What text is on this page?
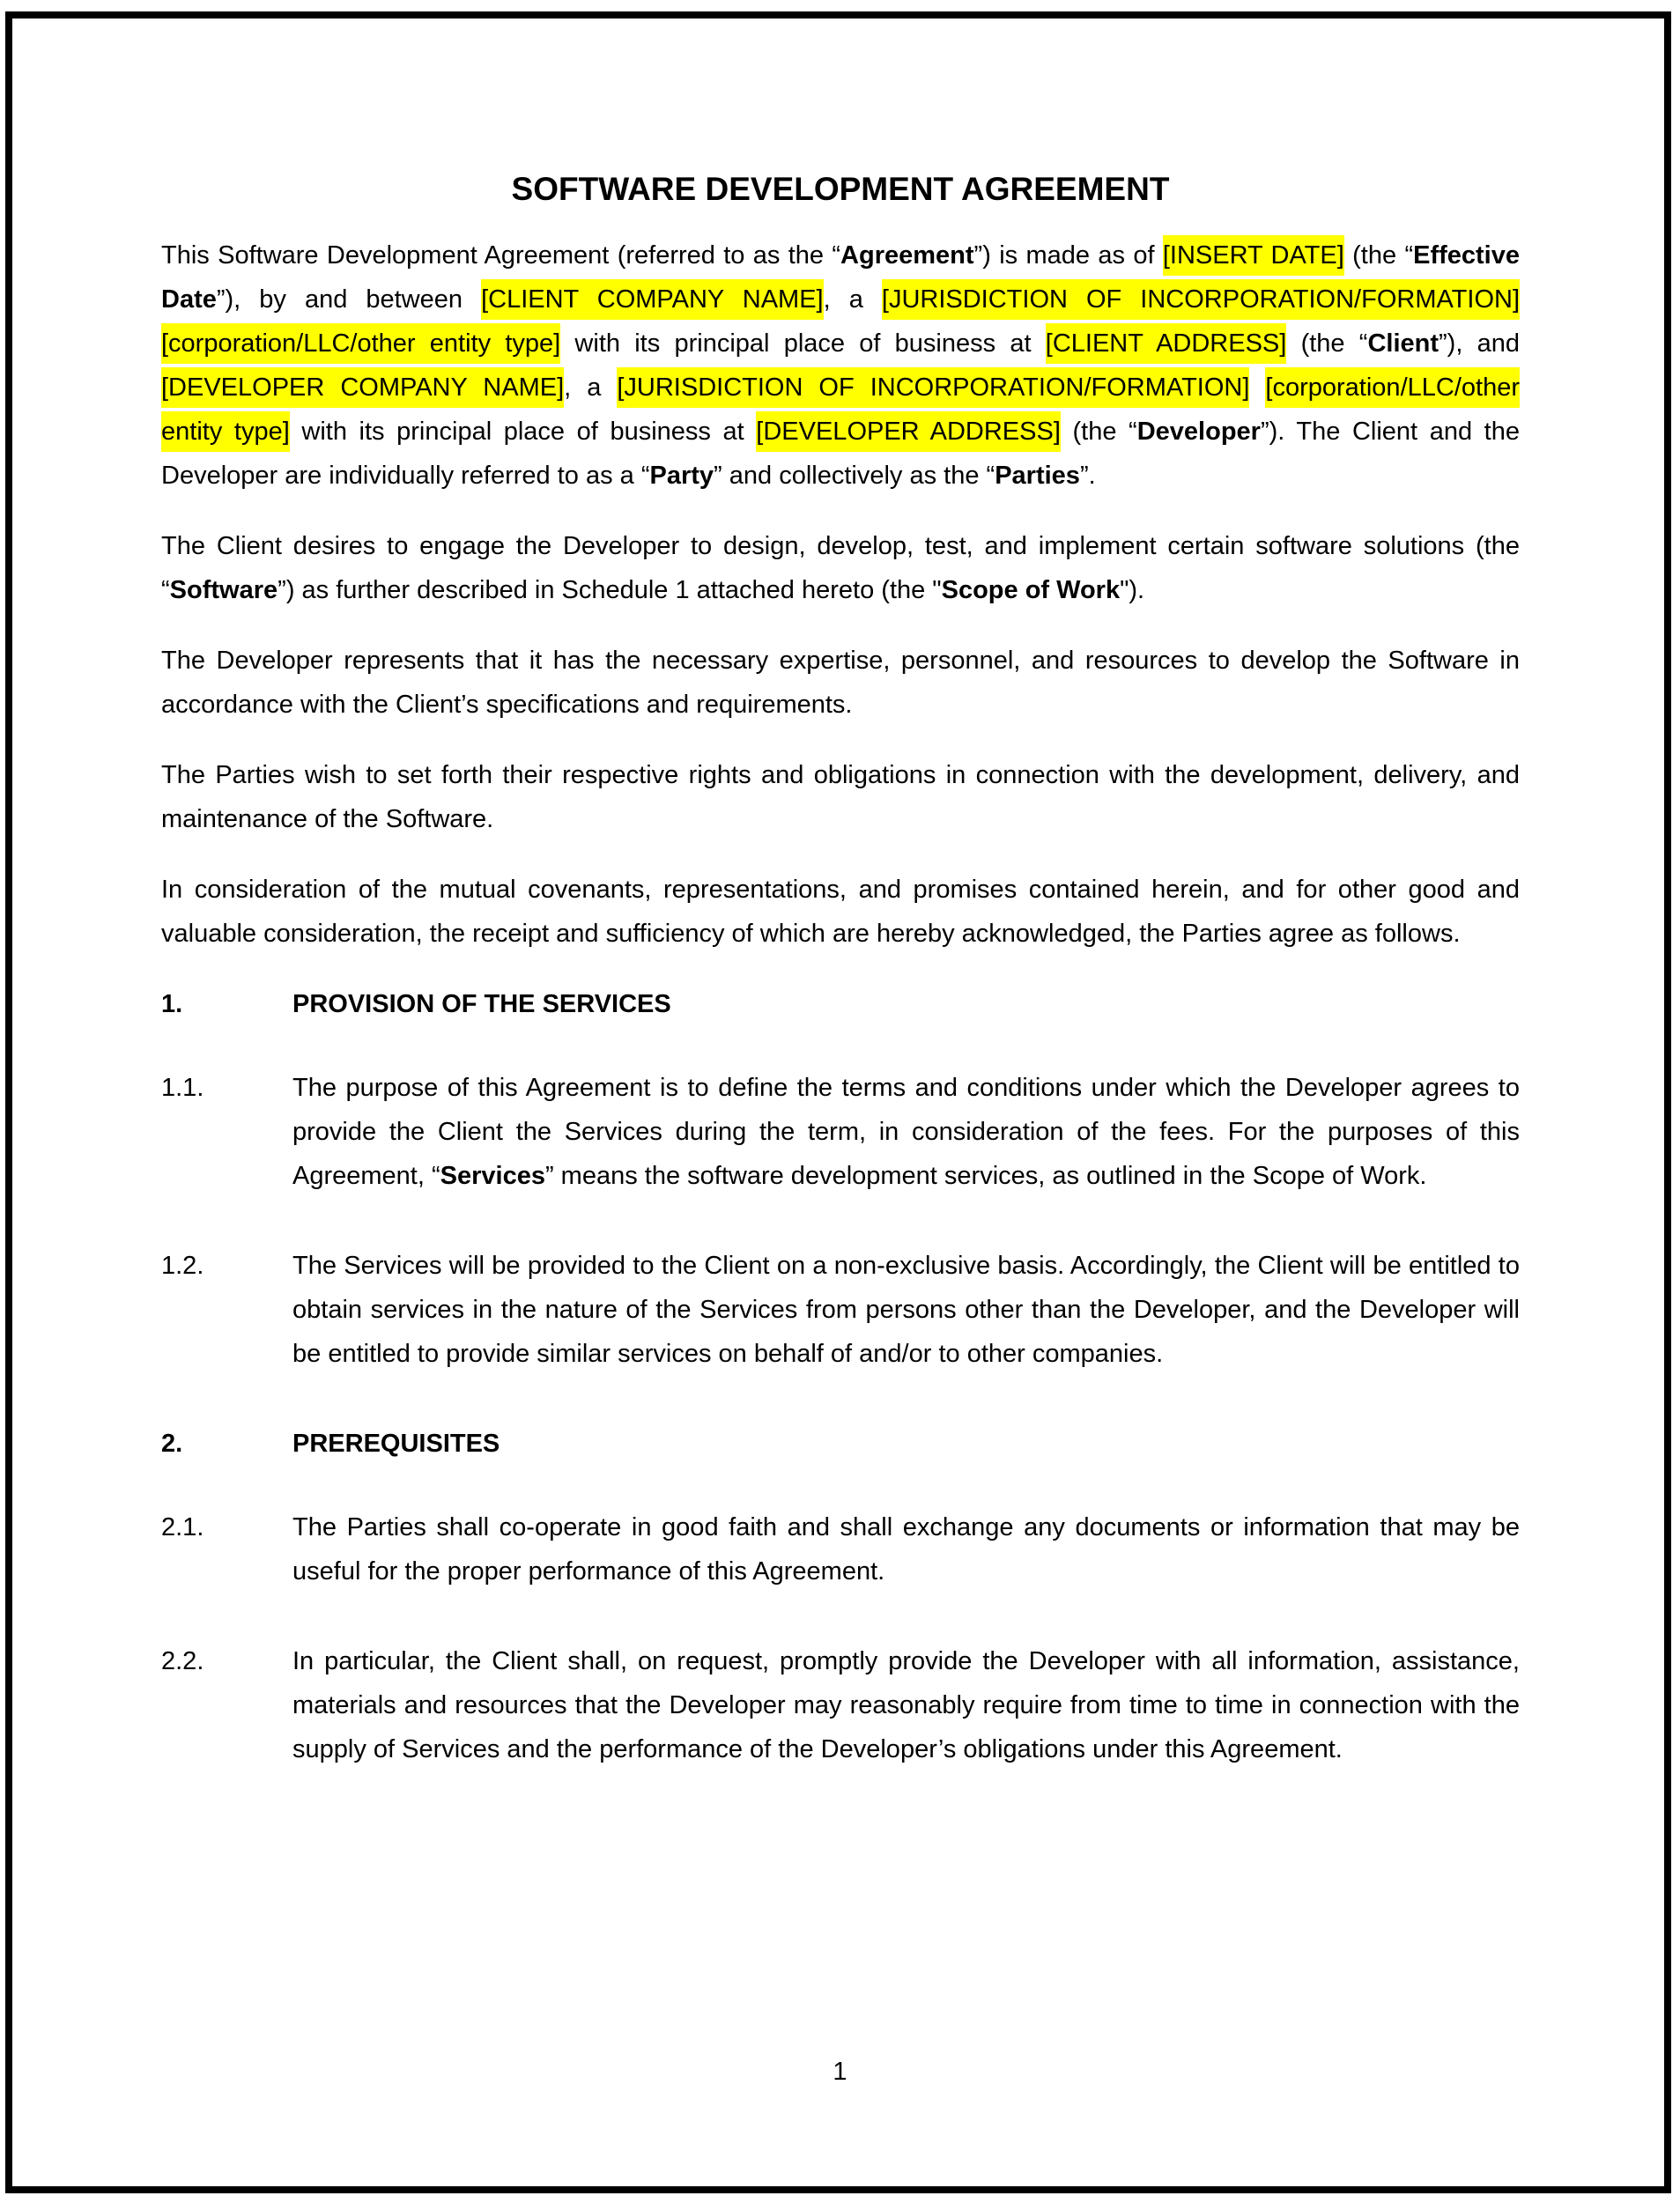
SOFTWARE DEVELOPMENT AGREEMENT

This Software Development Agreement (referred to as the “Agreement”) is made as of [INSERT DATE] (the “Effective Date”), by and between [CLIENT COMPANY NAME], a [JURISDICTION OF INCORPORATION/FORMATION] [corporation/LLC/other entity type] with its principal place of business at [CLIENT ADDRESS] (the “Client”), and [DEVELOPER COMPANY NAME], a [JURISDICTION OF INCORPORATION/FORMATION] [corporation/LLC/other entity type] with its principal place of business at [DEVELOPER ADDRESS] (the “Developer”). The Client and the Developer are individually referred to as a “Party” and collectively as the “Parties”.

The Client desires to engage the Developer to design, develop, test, and implement certain software solutions (the “Software”) as further described in Schedule 1 attached hereto (the "Scope of Work").

The Developer represents that it has the necessary expertise, personnel, and resources to develop the Software in accordance with the Client’s specifications and requirements.

The Parties wish to set forth their respective rights and obligations in connection with the development, delivery, and maintenance of the Software.

In consideration of the mutual covenants, representations, and promises contained herein, and for other good and valuable consideration, the receipt and sufficiency of which are hereby acknowledged, the Parties agree as follows.

1.	PROVISION OF THE SERVICES
1.1.	The purpose of this Agreement is to define the terms and conditions under which the Developer agrees to provide the Client the Services during the term, in consideration of the fees. For the purposes of this Agreement, “Services” means the software development services, as outlined in the Scope of Work.
1.2.	The Services will be provided to the Client on a non-exclusive basis. Accordingly, the Client will be entitled to obtain services in the nature of the Services from persons other than the Developer, and the Developer will be entitled to provide similar services on behalf of and/or to other companies.
2.	PREREQUISITES
2.1.	The Parties shall co-operate in good faith and shall exchange any documents or information that may be useful for the proper performance of this Agreement.
2.2.	In particular, the Client shall, on request, promptly provide the Developer with all information, assistance, materials and resources that the Developer may reasonably require from time to time in connection with the supply of Services and the performance of the Developer’s obligations under this Agreement.
1
